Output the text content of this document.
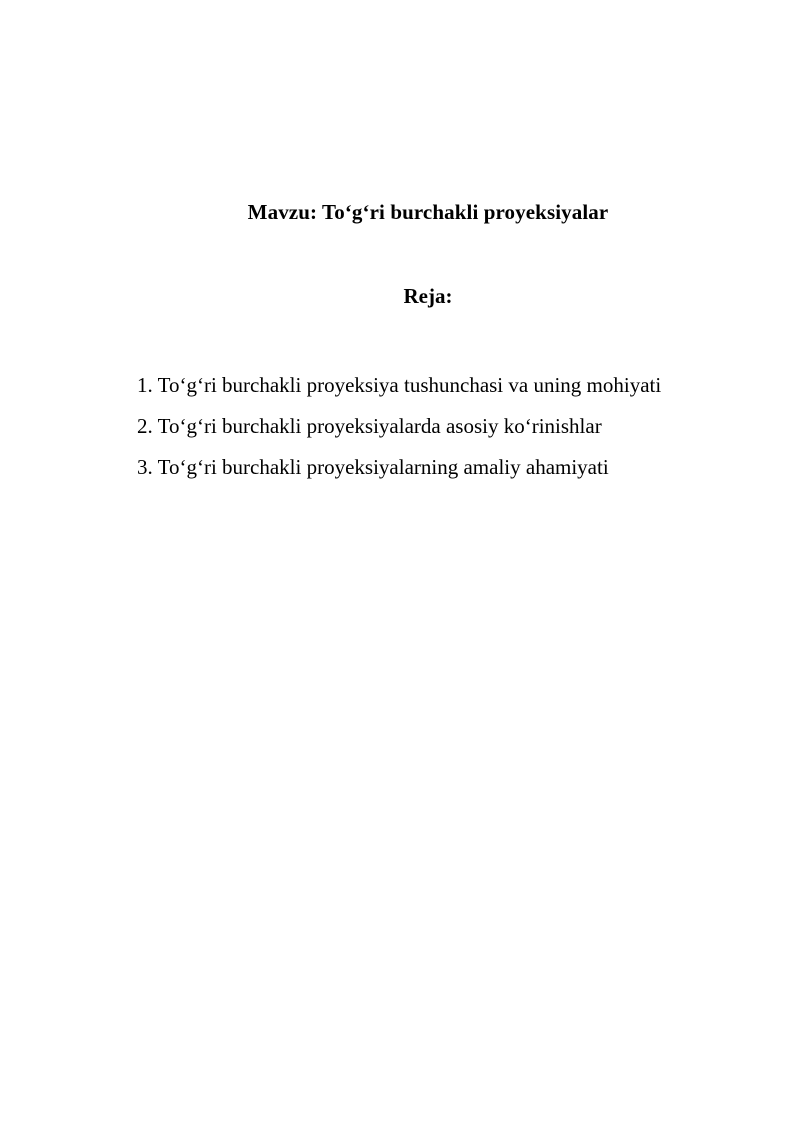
Mavzu: To‘g‘ri burchakli proyeksiyalar
Reja:
1. To‘g‘ri burchakli proyeksiya tushunchasi va uning mohiyati
2. To‘g‘ri burchakli proyeksiyalarda asosiy ko‘rinishlar
3. To‘g‘ri burchakli proyeksiyalarning amaliy ahamiyati
